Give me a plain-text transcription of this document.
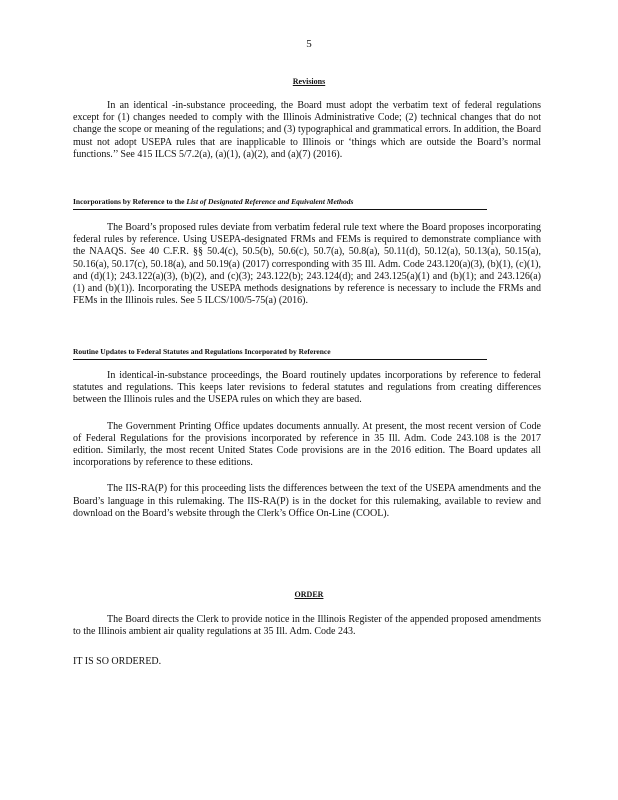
5
Revisions

In an identical -in-substance proceeding, the Board must adopt the verbatim text of federal regulations except for (1) changes needed to comply with the Illinois Administrative Code; (2) technical changes that do not change the scope or meaning of the regulations; and (3) typographical and grammatical errors. In addition, the Board must not adopt USEPA rules that are inapplicable to Illinois or ‘things which are outside the Board’s normal functions.’’ See 415 ILCS 5/7.2(a), (a)(1), (a)(2), and (a)(7) (2016).

Incorporations by Reference to the List of Designated Reference and Equivalent Methods

The Board’s proposed rules deviate from verbatim federal rule text where the Board proposes incorporating federal rules by reference. Using USEPA-designated FRMs and FEMs is required to demonstrate compliance with the NAAQS. See 40 C.F.R. §§ 50.4(c), 50.5(b), 50.6(c), 50.7(a), 50.8(a), 50.11(d), 50.12(a), 50.13(a), 50.15(a), 50.16(a), 50.17(c), 50.18(a), and 50.19(a) (2017) corresponding with 35 Ill. Adm. Code 243.120(a)(3), (b)(1), (c)(1), and (d)(1); 243.122(a)(3), (b)(2), and (c)(3); 243.122(b); 243.124(d); and 243.125(a)(1) and (b)(1); and 243.126(a)(1) and (b)(1)). Incorporating the USEPA methods designations by reference is necessary to include the FRMs and FEMs in the Illinois rules. See 5 ILCS/100/5-75(a) (2016).

Routine Updates to Federal Statutes and Regulations Incorporated by Reference

In identical-in-substance proceedings, the Board routinely updates incorporations by reference to federal statutes and regulations. This keeps later revisions to federal statutes and regulations from creating differences between the Illinois rules and the USEPA rules on which they are based.

The Government Printing Office updates documents annually. At present, the most recent version of Code of Federal Regulations for the provisions incorporated by reference in 35 Ill. Adm. Code 243.108 is the 2017 edition. Similarly, the most recent United States Code provisions are in the 2016 edition. The Board updates all incorporations by reference to these editions.

The IIS-RA(P) for this proceeding lists the differences between the text of the USEPA amendments and the Board’s language in this rulemaking. The IIS-RA(P) is in the docket for this rulemaking, available to review and download on the Board’s website through the Clerk’s Office On-Line (COOL).

ORDER

The Board directs the Clerk to provide notice in the Illinois Register of the appended proposed amendments to the Illinois ambient air quality regulations at 35 Ill. Adm. Code 243.

IT IS SO ORDERED.
